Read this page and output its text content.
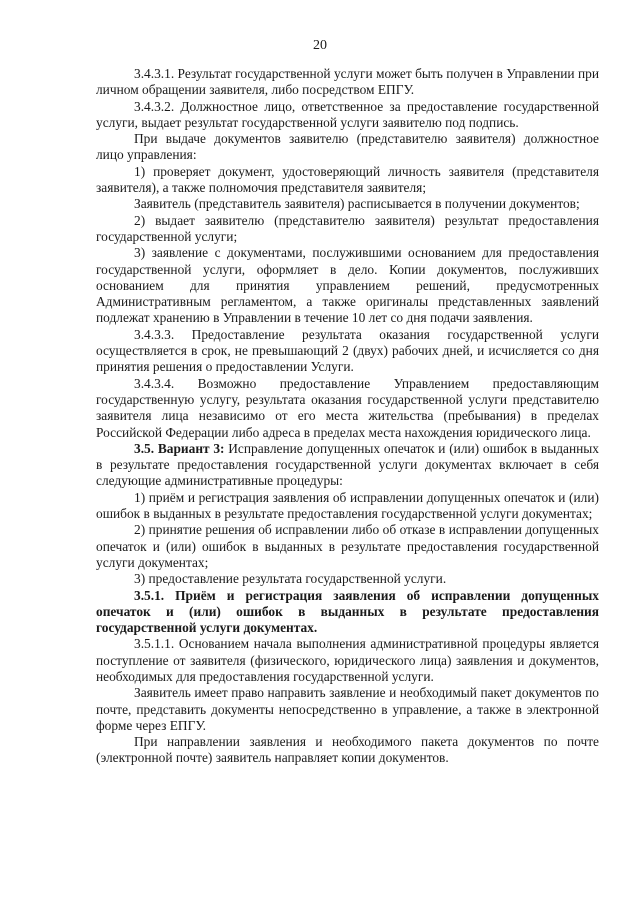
20

3.4.3.1. Результат государственной услуги может быть получен в Управлении при личном обращении заявителя, либо посредством ЕПГУ.

3.4.3.2. Должностное лицо, ответственное за предоставление государственной услуги, выдает результат государственной услуги заявителю под подпись.

При выдаче документов заявителю (представителю заявителя) должностное лицо управления:

1) проверяет документ, удостоверяющий личность заявителя (представителя заявителя), а также полномочия представителя заявителя;

Заявитель (представитель заявителя) расписывается в получении документов;

2) выдает заявителю (представителю заявителя) результат предоставления государственной услуги;

3) заявление с документами, послужившими основанием для предоставления государственной услуги, оформляет в дело. Копии документов, послуживших основанием для принятия управлением решений, предусмотренных Административным регламентом, а также оригиналы представленных заявлений подлежат хранению в Управлении в течение 10 лет со дня подачи заявления.

3.4.3.3. Предоставление результата оказания государственной услуги осуществляется в срок, не превышающий 2 (двух) рабочих дней, и исчисляется со дня принятия решения о предоставлении Услуги.

3.4.3.4. Возможно предоставление Управлением предоставляющим государственную услугу, результата оказания государственной услуги представителю заявителя лица независимо от его места жительства (пребывания) в пределах Российской Федерации либо адреса в пределах места нахождения юридического лица.

3.5. Вариант 3: Исправление допущенных опечаток и (или) ошибок в выданных в результате предоставления государственной услуги документах включает в себя следующие административные процедуры:

1) приём и регистрация заявления об исправлении допущенных опечаток и (или) ошибок в выданных в результате предоставления государственной услуги документах;

2) принятие решения об исправлении либо об отказе в исправлении допущенных опечаток и (или) ошибок в выданных в результате предоставления государственной услуги документах;

3) предоставление результата государственной услуги.

3.5.1. Приём и регистрация заявления об исправлении допущенных опечаток и (или) ошибок в выданных в результате предоставления государственной услуги документах.

3.5.1.1. Основанием начала выполнения административной процедуры является поступление от заявителя (физического, юридического лица) заявления и документов, необходимых для предоставления государственной услуги.

Заявитель имеет право направить заявление и необходимый пакет документов по почте, представить документы непосредственно в управление, а также в электронной форме через ЕПГУ.

При направлении заявления и необходимого пакета документов по почте (электронной почте) заявитель направляет копии документов.
